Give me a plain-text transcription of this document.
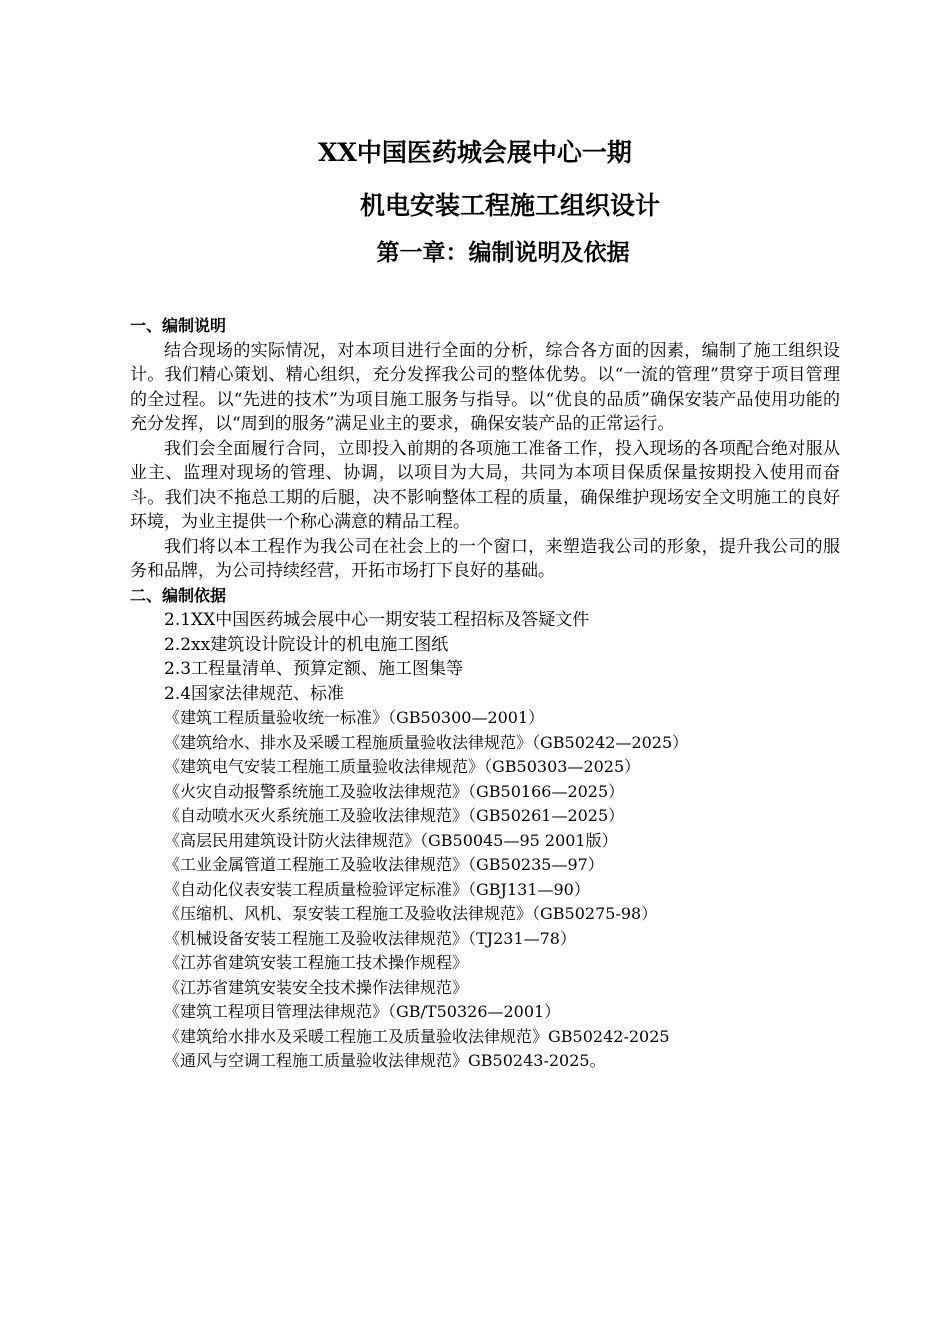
XX中国医药城会展中心一期
机电安装工程施工组织设计
第一章：编制说明及依据
一、编制说明

结合现场的实际情况，对本项目进行全面的分析，综合各方面的因素，编制了施工组织设计。我们精心策划、精心组织，充分发挥我公司的整体优势。以“一流的管理”贯穿于项目管理的全过程。以“先进的技术”为项目施工服务与指导。以“优良的品质”确保安装产品使用功能的充分发挥，以“周到的服务”满足业主的要求，确保安装产品的正常运行。

我们会全面履行合同，立即投入前期的各项施工准备工作，投入现场的各项配合绝对服从业主、监理对现场的管理、协调，以项目为大局，共同为本项目保质保量按期投入使用而奋斗。我们决不拖总工期的后腿，决不影响整体工程的质量，确保维护现场安全文明施工的良好环境，为业主提供一个称心满意的精品工程。

我们将以本工程作为我公司在社会上的一个窗口，来塑造我公司的形象，提升我公司的服务和品牌，为公司持续经营，开拓市场打下良好的基础。

二、编制依据
2.1XX中国医药城会展中心一期安装工程招标及答疑文件
2.2xx建筑设计院设计的机电施工图纸
2.3工程量清单、预算定额、施工图集等
2.4国家法律规范、标准
《建筑工程质量验收统一标准》（GB50300—2001）
《建筑给水、排水及采暖工程施质量验收法律规范》（GB50242—2025）
《建筑电气安装工程施工质量验收法律规范》（GB50303—2025）
《火灾自动报警系统施工及验收法律规范》（GB50166—2025）
《自动喷水灭火系统施工及验收法律规范》（GB50261—2025）
《高层民用建筑设计防火法律规范》（GB50045—95 2001版）
《工业金属管道工程施工及验收法律规范》（GB50235—97）
《自动化仪表安装工程质量检验评定标准》（GBJ131—90）
《压缩机、风机、泵安装工程施工及验收法律规范》（GB50275-98）
《机械设备安装工程施工及验收法律规范》（TJ231—78）
《江苏省建筑安装工程施工技术操作规程》
《江苏省建筑安装安全技术操作法律规范》
《建筑工程项目管理法律规范》（GB/T50326—2001）
《建筑给水排水及采暖工程施工及质量验收法律规范》GB50242-2025
《通风与空调工程施工质量验收法律规范》GB50243-2025。
